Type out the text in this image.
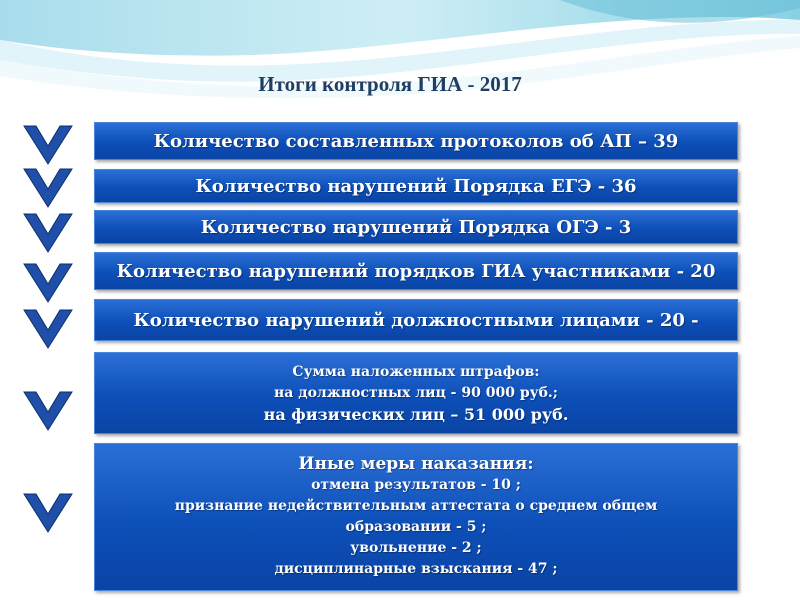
Итоги контроля ГИА - 2017
Количество составленных протоколов об АП – 39
Количество нарушений Порядка ЕГЭ - 36
Количество нарушений Порядка ОГЭ - 3
Количество нарушений порядков ГИА участниками - 20
Количество нарушений должностными лицами - 20 -
Сумма наложенных штрафов:
на должностных лиц - 90 000 руб.;
на физических лиц – 51 000 руб.
Иные меры наказания:
отмена результатов - 10 ;
признание недействительным аттестата о среднем общем
образовании - 5 ;
увольнение - 2 ;
дисциплинарные взыскания - 47 ;
